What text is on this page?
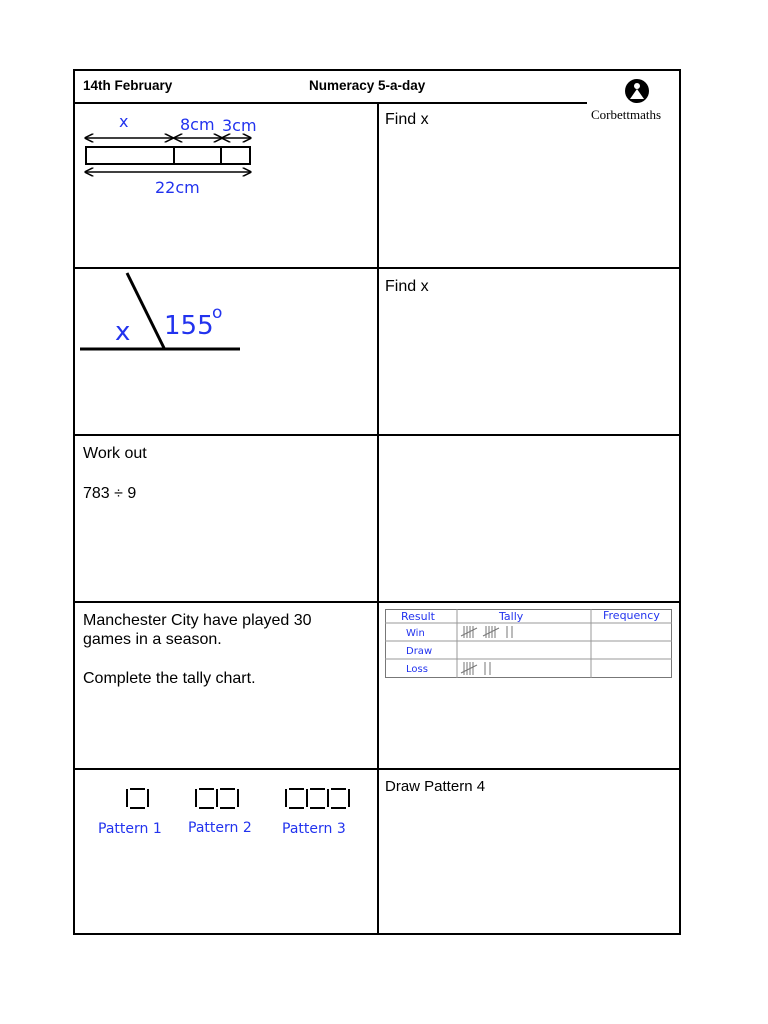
14th February	Numeracy 5-a-day
Corbettmaths
x	8cm 3cm
22cm
Find x
x 155
o
Find x
Work out
783 ÷ 9
Manchester City have played 30
games in a season.
Complete the tally chart.
Result	Tally	Frequency
Win
Draw
Loss
Pattern 1 Pattern 2 Pattern 3
Draw Pattern 4
